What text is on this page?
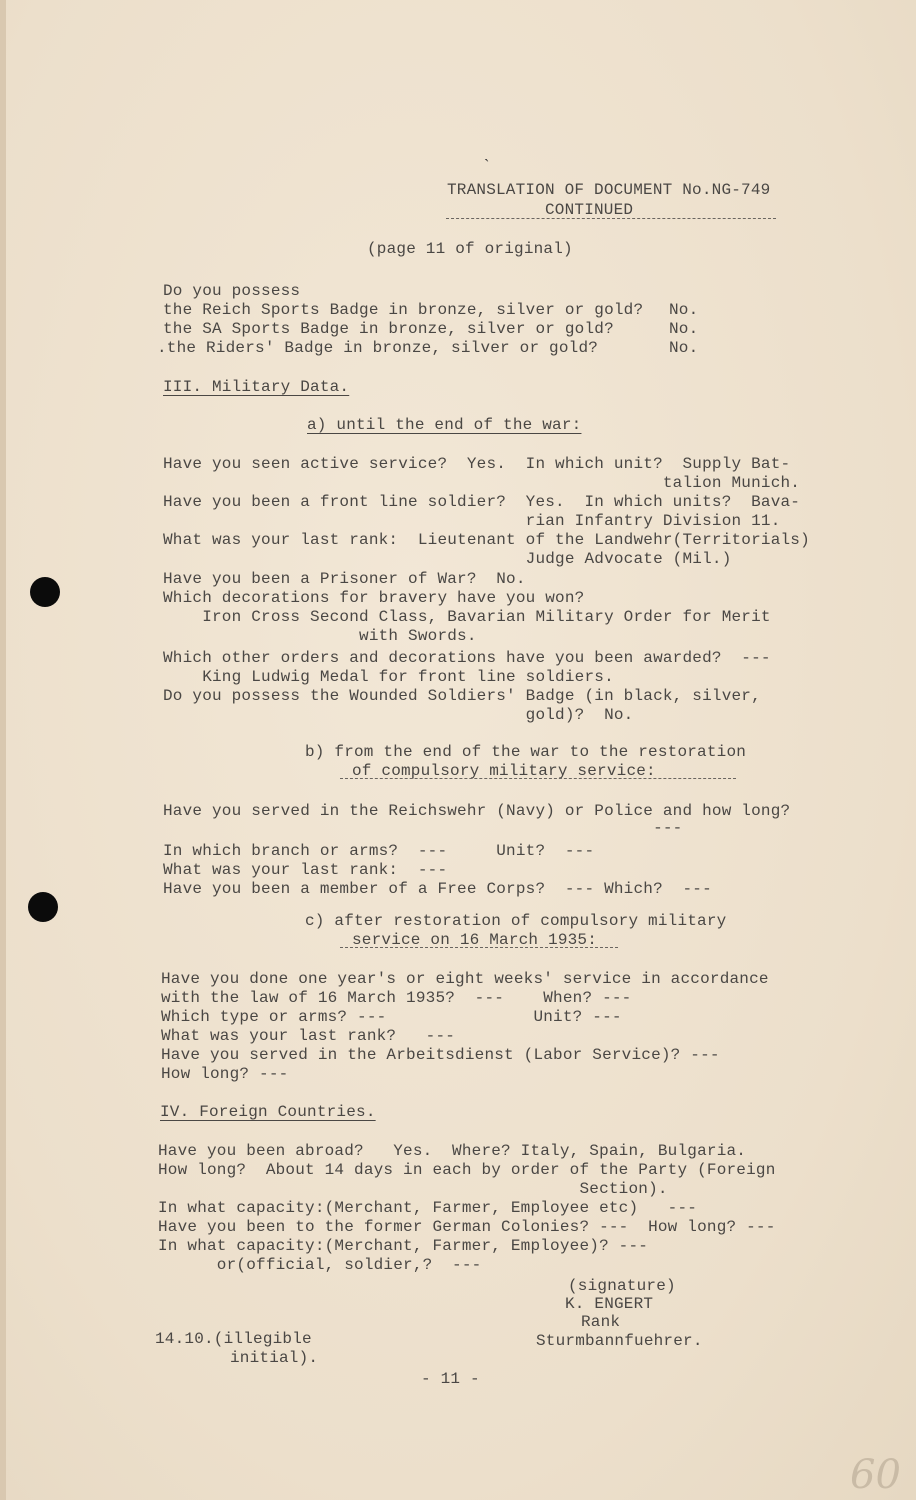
ˎ
TRANSLATION OF DOCUMENT No.NG-749
CONTINUED
(page 11 of original)
Do you possess
the Reich Sports Badge in bronze, silver or gold? No.
the SA Sports Badge in bronze, silver or gold?	No.
.the Riders' Badge in bronze, silver or gold?	No.
III. Military Data.
a) until the end of the war:
Have you seen active service?  Yes.  In which unit?  Supply Bat-
talion Munich.
Have you been a front line soldier?  Yes.  In which units?  Bava-
rian Infantry Division 11.
What was your last rank:  Lieutenant of the Landwehr(Territorials)
Judge Advocate (Mil.)
Have you been a Prisoner of War?  No.
Which decorations for bravery have you won?
Iron Cross Second Class, Bavarian Military Order for Merit
with Swords.
Which other orders and decorations have you been awarded?  ---
King Ludwig Medal for front line soldiers.
Do you possess the Wounded Soldiers' Badge (in black, silver,
gold)?  No.
b) from the end of the war to the restoration
of compulsory military service:
Have you served in the Reichswehr (Navy) or Police and how long?
---
In which branch or arms?  ---     Unit?  ---
What was your last rank:  ---
Have you been a member of a Free Corps?  --- Which?  ---
c) after restoration of compulsory military
service on 16 March 1935:
Have you done one year's or eight weeks' service in accordance
with the law of 16 March 1935?  ---    When? ---
Which type or arms? ---               Unit? ---
What was your last rank?   ---
Have you served in the Arbeitsdienst (Labor Service)? ---
How long? ---
IV. Foreign Countries.
Have you been abroad?   Yes.  Where? Italy, Spain, Bulgaria.
How long?  About 14 days in each by order of the Party (Foreign
Section).
In what capacity:(Merchant, Farmer, Employee etc)   ---
Have you been to the former German Colonies? ---  How long? ---
In what capacity:(Merchant, Farmer, Employee)? ---
or(official, soldier,?  ---
(signature)
K. ENGERT
Rank
Sturmbannfuehrer.
14.10.(illegible
initial).
- 11 -
60
